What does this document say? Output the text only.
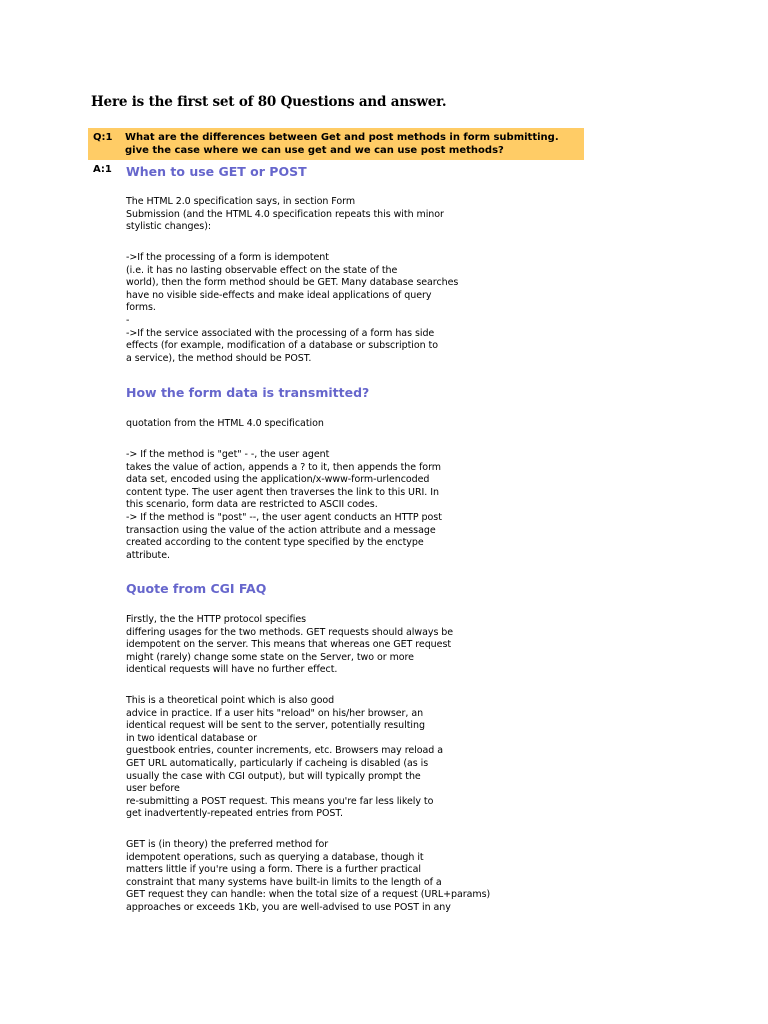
Here is the first set of 80 Questions and answer.
Q:1 What are the differences between Get and post methods in form submitting.
give the case where we can use get and we can use post methods?
A:1 When to use GET or POST
The HTML 2.0 specification says, in section Form
Submission (and the HTML 4.0 specification repeats this with minor
stylistic changes):
->If the processing of a form is idempotent
(i.e. it has no lasting observable effect on the state of the
world), then the form method should be GET. Many database searches
have no visible side-effects and make ideal applications of query
forms.
-
->If the service associated with the processing of a form has side
effects (for example, modification of a database or subscription to
a service), the method should be POST.
How the form data is transmitted?
quotation from the HTML 4.0 specification
-> If the method is "get" - -, the user agent
takes the value of action, appends a ? to it, then appends the form
data set, encoded using the application/x-www-form-urlencoded
content type. The user agent then traverses the link to this URI. In
this scenario, form data are restricted to ASCII codes.
-> If the method is "post" --, the user agent conducts an HTTP post
transaction using the value of the action attribute and a message
created according to the content type specified by the enctype
attribute.
Quote from CGI FAQ
Firstly, the the HTTP protocol specifies
differing usages for the two methods. GET requests should always be
idempotent on the server. This means that whereas one GET request
might (rarely) change some state on the Server, two or more
identical requests will have no further effect.
This is a theoretical point which is also good
advice in practice. If a user hits "reload" on his/her browser, an
identical request will be sent to the server, potentially resulting
in two identical database or
guestbook entries, counter increments, etc. Browsers may reload a
GET URL automatically, particularly if cacheing is disabled (as is
usually the case with CGI output), but will typically prompt the
user before
re-submitting a POST request. This means you're far less likely to
get inadvertently-repeated entries from POST.
GET is (in theory) the preferred method for
idempotent operations, such as querying a database, though it
matters little if you're using a form. There is a further practical
constraint that many systems have built-in limits to the length of a
GET request they can handle: when the total size of a request (URL+params)
approaches or exceeds 1Kb, you are well-advised to use POST in any
